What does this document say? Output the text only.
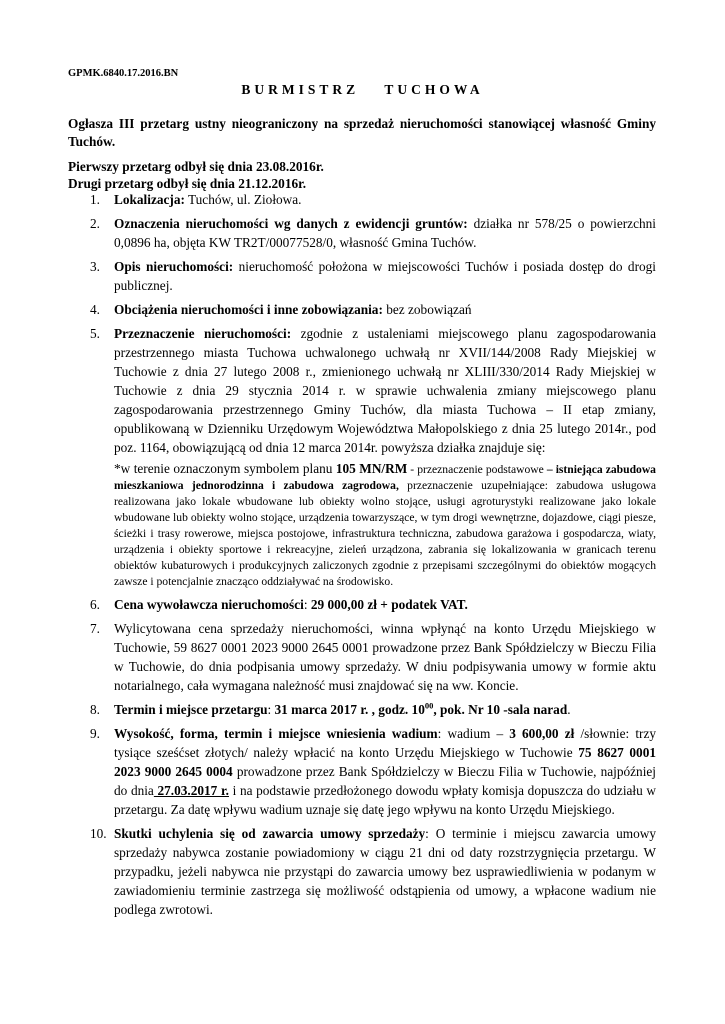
GPMK.6840.17.2016.BN
BURMISTRZ TUCHOWA
Ogłasza III przetarg ustny nieograniczony na sprzedaż nieruchomości stanowiącej własność Gminy Tuchów.
Pierwszy przetarg odbył się dnia 23.08.2016r.
Drugi przetarg odbył się dnia 21.12.2016r.
1. Lokalizacja: Tuchów, ul. Ziołowa.
2. Oznaczenia nieruchomości wg danych z ewidencji gruntów: działka nr 578/25 o powierzchni 0,0896 ha, objęta KW TR2T/00077528/0, własność Gmina Tuchów.
3. Opis nieruchomości: nieruchomość położona w miejscowości Tuchów i posiada dostęp do drogi publicznej.
4. Obciążenia nieruchomości i inne zobowiązania: bez zobowiązań
5. Przeznaczenie nieruchomości: zgodnie z ustaleniami miejscowego planu zagospodarowania przestrzennego miasta Tuchowa uchwalonego uchwałą nr XVII/144/2008 Rady Miejskiej w Tuchowie z dnia 27 lutego 2008 r., zmienionego uchwałą nr XLIII/330/2014 Rady Miejskiej w Tuchowie z dnia 29 stycznia 2014 r. w sprawie uchwalenia zmiany miejscowego planu zagospodarowania przestrzennego Gminy Tuchów, dla miasta Tuchowa – II etap zmiany, opublikowaną w Dzienniku Urzędowym Województwa Małopolskiego z dnia 25 lutego 2014r., pod poz. 1164, obowiązującą od dnia 12 marca 2014r. powyższa działka znajduje się:
*w terenie oznaczonym symbolem planu 105 MN/RM - przeznaczenie podstawowe – istniejąca zabudowa mieszkaniowa jednorodzinna i zabudowa zagrodowa, przeznaczenie uzupełniające: zabudowa usługowa realizowana jako lokale wbudowane lub obiekty wolno stojące, usługi agroturystyki realizowane jako lokale wbudowane lub obiekty wolno stojące, urządzenia towarzyszące, w tym drogi wewnętrzne, dojazdowe, ciągi piesze, ścieżki i trasy rowerowe, miejsca postojowe, infrastruktura techniczna, zabudowa garażowa i gospodarcza, wiaty, urządzenia i obiekty sportowe i rekreacyjne, zieleń urządzona, zabrania się lokalizowania w granicach terenu obiektów kubaturowych i produkcyjnych zaliczonych zgodnie z przepisami szczególnymi do obiektów mogących zawsze i potencjalnie znacząco oddziaływać na środowisko.
6. Cena wywoławcza nieruchomości: 29 000,00 zł + podatek VAT.
7. Wylicytowana cena sprzedaży nieruchomości, winna wpłynąć na konto Urzędu Miejskiego w Tuchowie, 59 8627 0001 2023 9000 2645 0001 prowadzone przez Bank Spółdzielczy w Bieczu Filia w Tuchowie, do dnia podpisania umowy sprzedaży. W dniu podpisywania umowy w formie aktu notarialnego, cała wymagana należność musi znajdować się na ww. Koncie.
8. Termin i miejsce przetargu: 31 marca 2017 r. , godz. $10^{00}$, pok. Nr 10 -sala narad.
9. Wysokość, forma, termin i miejsce wniesienia wadium: wadium – 3 600,00 zł /słownie: trzy tysiące sześćset złotych/ należy wpłacić na konto Urzędu Miejskiego w Tuchowie 75 8627 0001 2023 9000 2645 0004 prowadzone przez Bank Spółdzielczy w Bieczu Filia w Tuchowie, najpóźniej do dnia 27.03.2017 r. i na podstawie przedłożonego dowodu wpłaty komisja dopuszcza do udziału w przetargu. Za datę wpływu wadium uznaje się datę jego wpływu na konto Urzędu Miejskiego.
10. Skutki uchylenia się od zawarcia umowy sprzedaży: O terminie i miejscu zawarcia umowy sprzedaży nabywca zostanie powiadomiony w ciągu 21 dni od daty rozstrzygnięcia przetargu. W przypadku, jeżeli nabywca nie przystąpi do zawarcia umowy bez usprawiedliwienia w podanym w zawiadomieniu terminie zastrzega się możliwość odstąpienia od umowy, a wpłacone wadium nie podlega zwrotowi.
